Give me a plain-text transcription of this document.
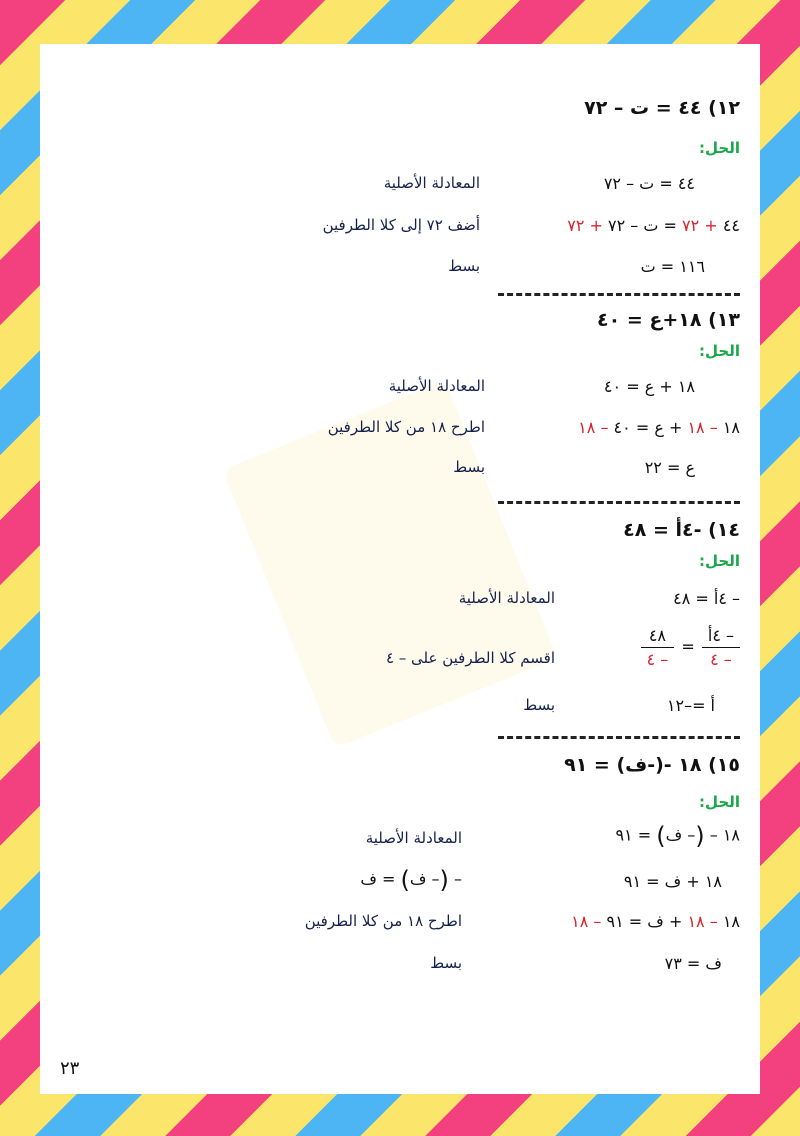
١٢) ٤٤ = ت – ٧٢
الحل:
٤٤ = ت – ٧٢
المعادلة الأصلية
٤٤ + ٧٢ = ت – ٧٢ + ٧٢
أضف ٧٢ إلى كلا الطرفين
١١٦ = ت
بسط
١٣) ١٨+ع = ٤٠
الحل:
١٨ + ع = ٤٠
المعادلة الأصلية
١٨ – ١٨ + ع = ٤٠ – ١٨
اطرح ١٨ من كلا الطرفين
ع = ٢٢
بسط
١٤) -٤أ = ٤٨
الحل:
– ٤أ = ٤٨
المعادلة الأصلية
$\frac{\text{– ٤أ}}{- ٤}$
=
$\frac{٤٨}{- ٤}$
اقسم كلا الطرفين على – ٤
أ =–١٢
بسط
١٥) ١٨ -(-ف) = ٩١
الحل:
١٨ – (– ف) = ٩١
المعادلة الأصلية
١٨ + ف = ٩١
– (– ف) = ف
١٨ – ١٨ + ف = ٩١ – ١٨
اطرح ١٨ من كلا الطرفين
ف = ٧٣
بسط
٢٣
